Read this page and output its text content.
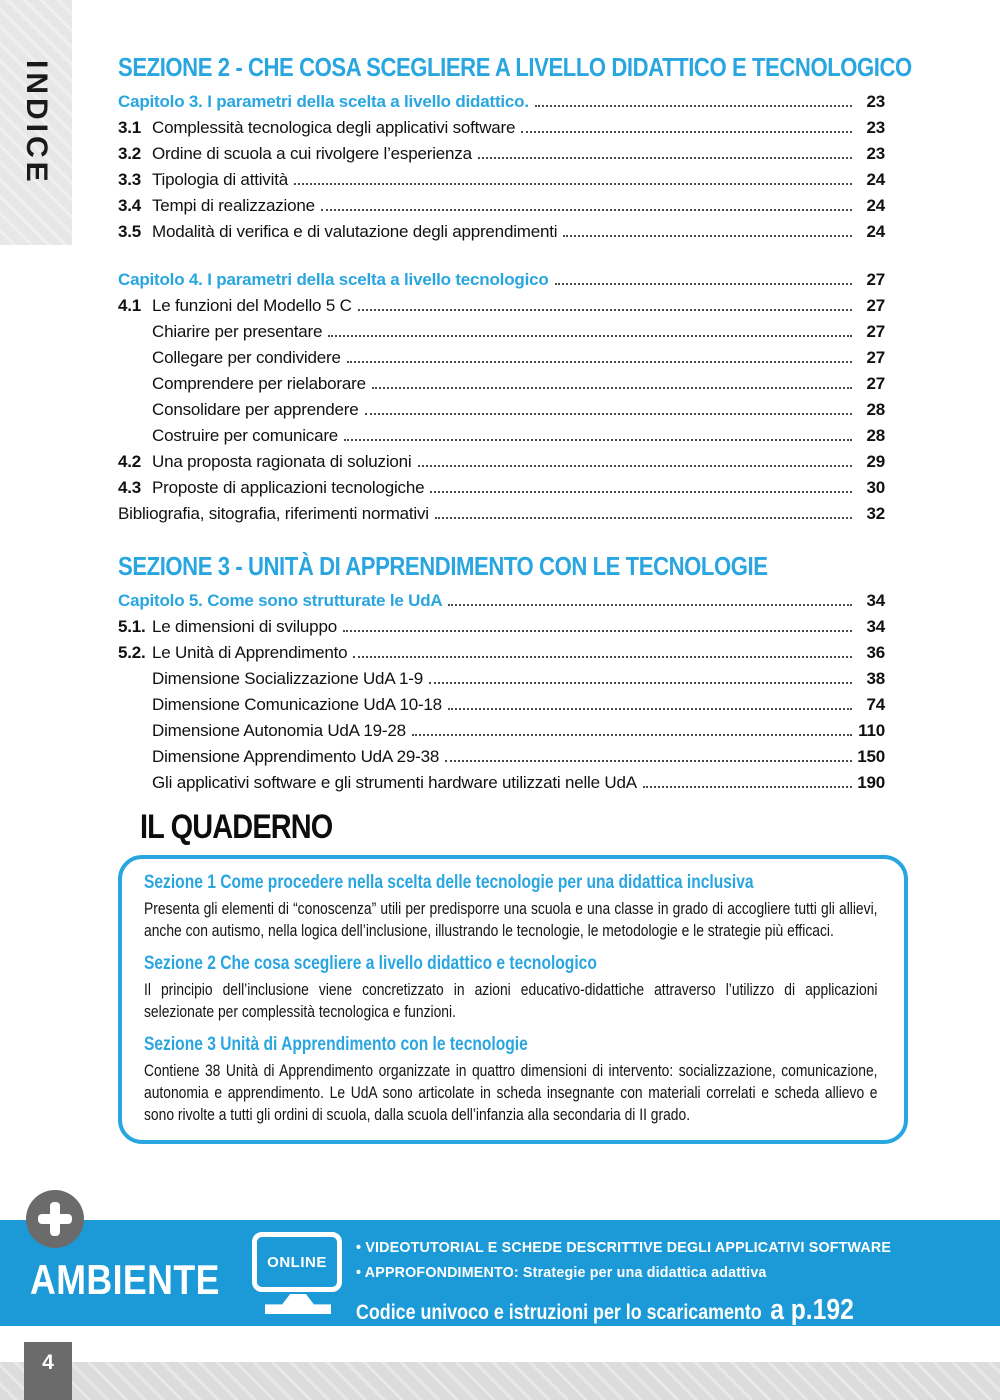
INDICE	SEZIONE 2 - CHE COSA SCEGLIERE A LIVELLO DIDATTICO E TECNOLOGICO
Capitolo 3. I parametri della scelta a livello didattico.	23
3.1 Complessità tecnologica degli applicativi software	23
3.2 Ordine di scuola a cui rivolgere l’esperienza	23
3.3 Tipologia di attività	24
3.4 Tempi di realizzazione	24
3.5 Modalità di verifica e di valutazione degli apprendimenti	24
Capitolo 4. I parametri della scelta a livello tecnologico	27
4.1 Le funzioni del Modello 5 C	27
Chiarire per presentare	27
Collegare per condividere	27
Comprendere per rielaborare	27
Consolidare per apprendere	28
Costruire per comunicare	28
4.2 Una proposta ragionata di soluzioni	29
4.3 Proposte di applicazioni tecnologiche	30
Bibliografia, sitografia, riferimenti normativi	32
SEZIONE 3 - UNITÀ DI APPRENDIMENTO CON LE TECNOLOGIE
Capitolo 5. Come sono strutturate le UdA	34
5.1. Le dimensioni di sviluppo	34
5.2. Le Unità di Apprendimento	36
Dimensione Socializzazione UdA 1-9	38
Dimensione Comunicazione UdA 10-18	74
Dimensione Autonomia UdA 19-28	110
Dimensione Apprendimento UdA 29-38	150
Gli applicativi software e gli strumenti hardware utilizzati nelle UdA	190
IL QUADERNO
Sezione 1 Come procedere nella scelta delle tecnologie per una didattica inclusiva
Presenta gli elementi di “conoscenza” utili per predisporre una scuola e una classe in grado di accogliere tutti gli allievi, anche con autismo, nella logica dell’inclusione, illustrando le tecnologie, le metodologie e le strategie più efficaci.
Sezione 2 Che cosa scegliere a livello didattico e tecnologico
Il principio dell’inclusione viene concretizzato in azioni educativo-didattiche attraverso l’utilizzo di applicazioni selezionate per complessità tecnologica e funzioni.
Sezione 3 Unità di Apprendimento con le tecnologie
Contiene 38 Unità di Apprendimento organizzate in quattro dimensioni di intervento: socializzazione, comunicazione, autonomia e apprendimento. Le UdA sono articolate in scheda insegnante con materiali correlati e scheda allievo e sono rivolte a tutti gli ordini di scuola, dalla scuola dell’infanzia alla secondaria di II grado.
AMBIENTE	ONLINE
• VIDEOTUTORIAL E SCHEDE DESCRITTIVE DEGLI APPLICATIVI SOFTWARE
• APPROFONDIMENTO: Strategie per una didattica adattiva
Codice univoco e istruzioni per lo scaricamento a p.192
4
